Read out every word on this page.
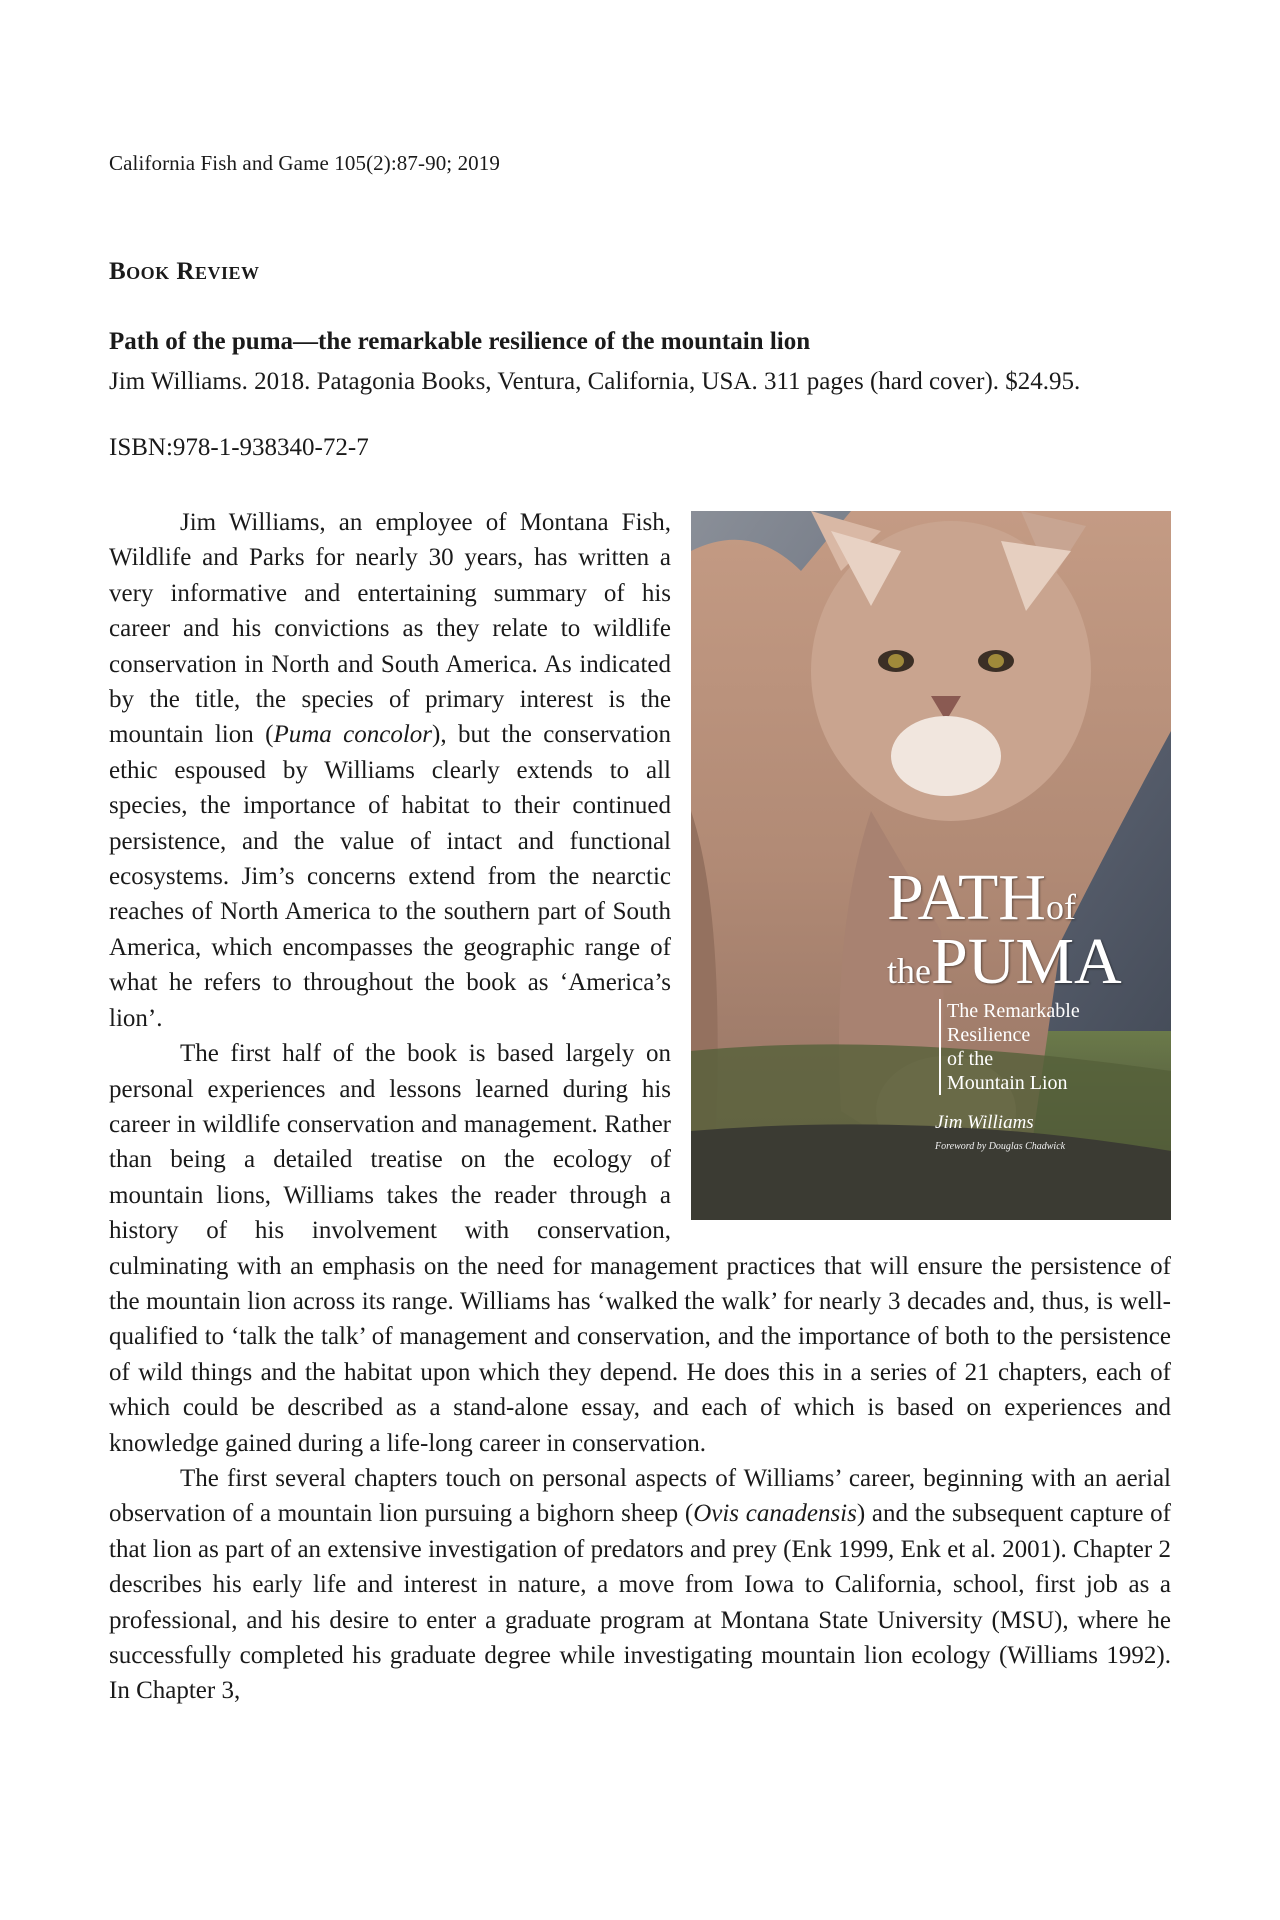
California Fish and Game 105(2):87-90; 2019
Book Review
Path of the puma—the remarkable resilience of the mountain lion
Jim Williams. 2018. Patagonia Books, Ventura, California, USA. 311 pages (hard cover). $24.95.
ISBN:978-1-938340-72-7
PATHof
thePUMA
The Remarkable
Resilience
of the
Mountain Lion
Jim Williams
Foreword by Douglas Chadwick

Jim Williams, an employee of Montana Fish, Wildlife and Parks for nearly 30 years, has written a very informative and entertaining summary of his career and his convictions as they relate to wildlife conservation in North and South America. As indicated by the title, the species of primary interest is the mountain lion (Puma concolor), but the conservation ethic espoused by Williams clearly extends to all species, the importance of habitat to their continued persistence, and the value of intact and functional ecosystems. Jim’s concerns extend from the nearctic reaches of North America to the southern part of South America, which encompasses the geographic range of what he refers to throughout the book as ‘America’s lion’.

The first half of the book is based largely on personal experiences and lessons learned during his career in wildlife conservation and management. Rather than being a detailed treatise on the ecology of mountain lions, Williams takes the reader through a history of his involvement with conservation, culminating with an emphasis on the need for management practices that will ensure the persistence of the mountain lion across its range. Williams has ‘walked the walk’ for nearly 3 decades and, thus, is well-qualified to ‘talk the talk’ of management and conservation, and the importance of both to the persistence of wild things and the habitat upon which they depend. He does this in a series of 21 chapters, each of which could be described as a stand-alone essay, and each of which is based on experiences and knowledge gained during a life-long career in conservation.

The first several chapters touch on personal aspects of Williams’ career, beginning with an aerial observation of a mountain lion pursuing a bighorn sheep (Ovis canadensis) and the subsequent capture of that lion as part of an extensive investigation of predators and prey (Enk 1999, Enk et al. 2001). Chapter 2 describes his early life and interest in nature, a move from Iowa to California, school, first job as a professional, and his desire to enter a graduate program at Montana State University (MSU), where he successfully completed his graduate degree while investigating mountain lion ecology (Williams 1992). In Chapter 3,
